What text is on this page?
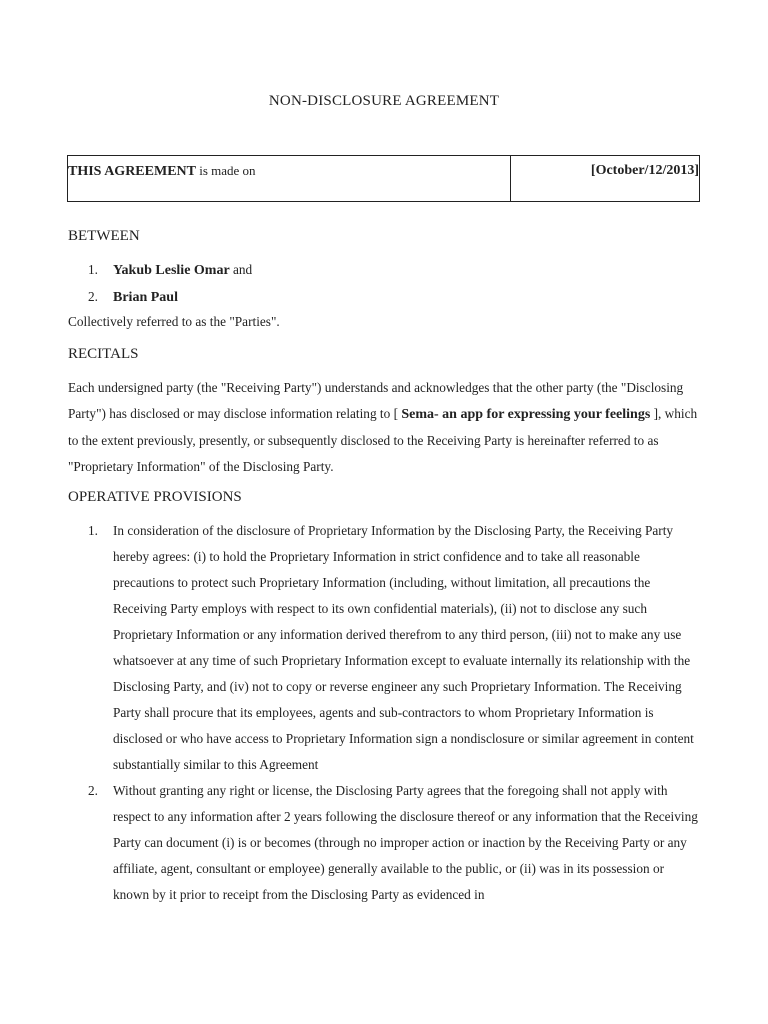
NON-DISCLOSURE AGREEMENT
THIS AGREEMENT is made on	[October/12/2013]
BETWEEN
1. Yakub Leslie Omar and
2. Brian Paul
Collectively referred to as the "Parties".
RECITALS
Each undersigned party (the "Receiving Party") understands and acknowledges that the other party (the "Disclosing Party") has disclosed or may disclose information relating to [ Sema- an app for expressing your feelings ], which to the extent previously, presently, or subsequently disclosed to the Receiving Party is hereinafter referred to as "Proprietary Information" of the Disclosing Party.
OPERATIVE PROVISIONS
1. In consideration of the disclosure of Proprietary Information by the Disclosing Party, the Receiving Party hereby agrees: (i) to hold the Proprietary Information in strict confidence and to take all reasonable precautions to protect such Proprietary Information (including, without limitation, all precautions the Receiving Party employs with respect to its own confidential materials), (ii) not to disclose any such Proprietary Information or any information derived therefrom to any third person, (iii) not to make any use whatsoever at any time of such Proprietary Information except to evaluate internally its relationship with the Disclosing Party, and (iv) not to copy or reverse engineer any such Proprietary Information. The Receiving Party shall procure that its employees, agents and sub-contractors to whom Proprietary Information is disclosed or who have access to Proprietary Information sign a nondisclosure or similar agreement in content substantially similar to this Agreement
2. Without granting any right or license, the Disclosing Party agrees that the foregoing shall not apply with respect to any information after 2 years following the disclosure thereof or any information that the Receiving Party can document (i) is or becomes (through no improper action or inaction by the Receiving Party or any affiliate, agent, consultant or employee) generally available to the public, or (ii) was in its possession or known by it prior to receipt from the Disclosing Party as evidenced in
